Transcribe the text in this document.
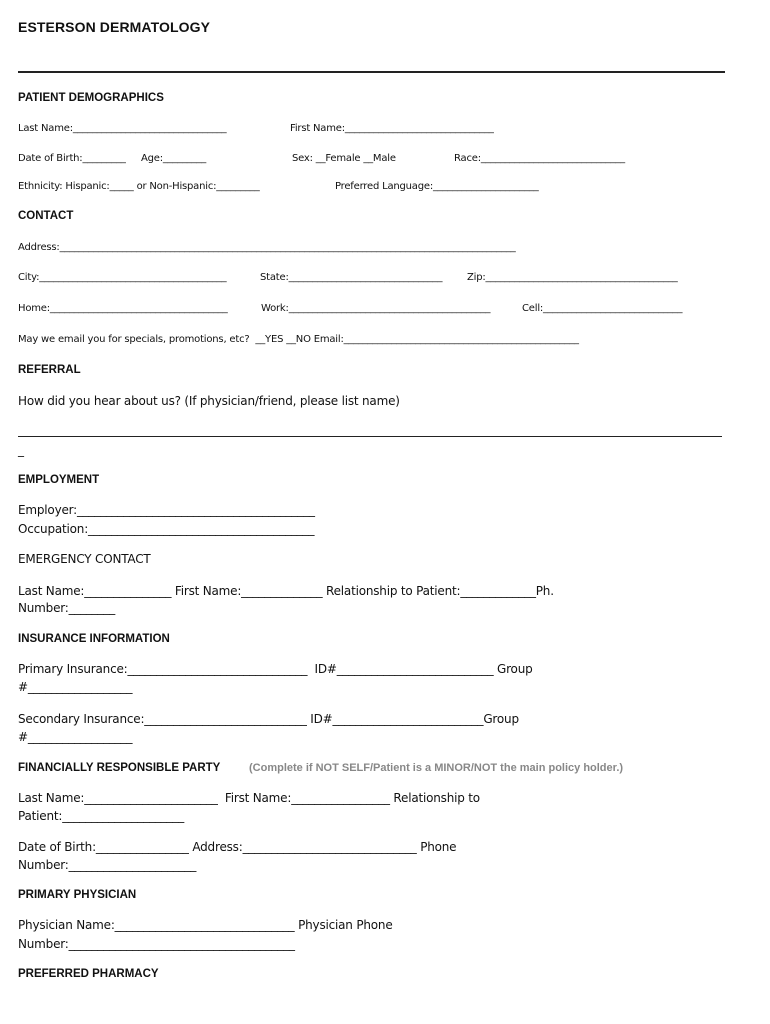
ESTERSON DERMATOLOGY
PATIENT DEMOGRAPHICS
Last Name:________________________________	First Name:_______________________________
Date of Birth:_________ Age:_________	Sex: __Female __Male	Race:______________________________
Ethnicity: Hispanic:_____ or Non-Hispanic:_________	Preferred Language:______________________
CONTACT
Address:_______________________________________________________________________________________________
City:_______________________________________	State:________________________________ Zip:________________________________________
Home:_____________________________________	Work:__________________________________________	Cell:_____________________________
May we email you for specials, promotions, etc?  __YES __NO Email:_________________________________________________
REFERRAL
How did you hear about us? (If physician/friend, please list name)
_
EMPLOYMENT
Employer:_________________________________________
Occupation:_______________________________________
EMERGENCY CONTACT
Last Name:_______________ First Name:______________ Relationship to Patient:_____________Ph.
Number:________
INSURANCE INFORMATION
Primary Insurance:_______________________________  ID#___________________________ Group
#__________________
Secondary Insurance:____________________________ ID#__________________________Group
#__________________
FINANCIALLY RESPONSIBLE PARTY	(Complete if NOT SELF/Patient is a MINOR/NOT the main policy holder.)
Last Name:_______________________  First Name:_________________ Relationship to
Patient:_____________________
Date of Birth:________________ Address:______________________________ Phone
Number:______________________
PRIMARY PHYSICIAN
Physician Name:_______________________________ Physician Phone
Number:_______________________________________
PREFERRED PHARMACY
